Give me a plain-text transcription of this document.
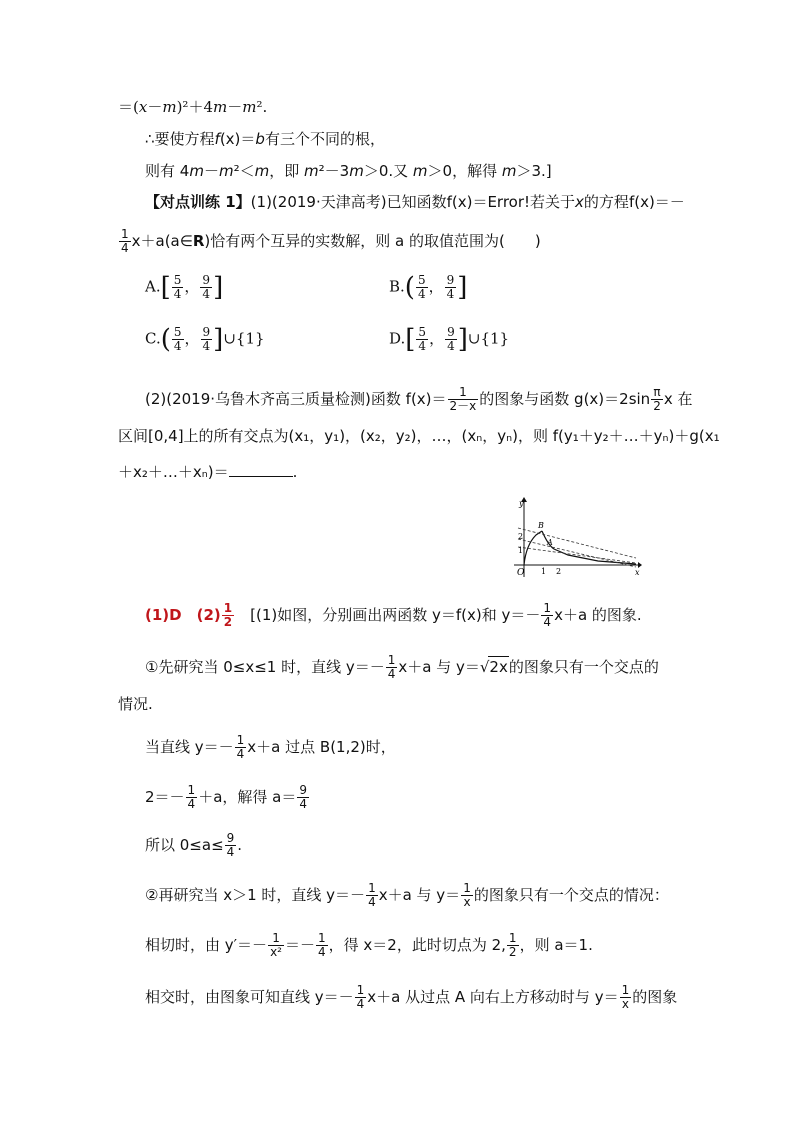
＝(x－m)²＋4m－m².
∴要使方程f(x)＝b有三个不同的根，
则有 4m－m²＜m，即 m²－3m＞0.又 m＞0，解得 m＞3.]
【对点训练 1】(1)(2019·天津高考)已知函数f(x)＝Error!若关于x的方程f(x)＝－
$\frac{1}{4}$ x＋a(a∈R)恰有两个互异的实数解，则 a 的取值范围为(　　)
$A.[ \frac{5}{4}$ ， $\frac{9}{4}$ ]	$B.( \frac{5}{4}$ ， $\frac{9}{4}$ ]
$C.( \frac{5}{4}$ ， $\frac{9}{4}$ ]∪{1}	$D.[ \frac{5}{4}$ ， $\frac{9}{4}$ ]∪{1}
(2)(2019·乌鲁木齐高三质量检测)函数 $f(x)= \frac{1}{2-x}$ 的图象与函数 $g(x)=2\sin \frac{\pi}{2}$ x 在
区间[0,4]上的所有交点为(x₁，y₁)，(x₂，y₂)，…，(xₙ，yₙ)，则 f(y₁＋y₂＋…＋yₙ)＋g(x₁
＋x₂＋…＋xₙ)＝	.
y
x
O
B
A
1 2
1
2
(1)D　 $(2) \frac{1}{2}$
　 [(1)如图，分别画出两函数 y＝f(x)和 $y=- \frac{1}{4} x+a$ 的图象.
①先研究当 0≤x≤1 时，直线 $y=- \frac{1}{4} x+a$ 与 y＝√2x的图象只有一个交点的
情况.
当直线 $y=- \frac{1}{4} x+a$ 过点 B(1,2)时，
$2=- \frac{1}{4} +a$，解得 $a= \frac{9}{4}$
所以 $0\le a\le \frac{9}{4}$ .
②再研究当 x＞1 时，直线 $y=- \frac{1}{4} x+a$ 与 $y= \frac{1}{x}$ 的图象只有一个交点的情况：
相切时，由 $y'=- \frac{1}{\text{x²}} =- \frac{1}{4}$ ，得 x＝2，此时切点为 2, $\frac{1}{2}$ ，则 a＝1.
相交时，由图象可知直线 $y=- \frac{1}{4} x+a$ 从过点 A 向右上方移动时与 $y= \frac{1}{x}$ 的图象
